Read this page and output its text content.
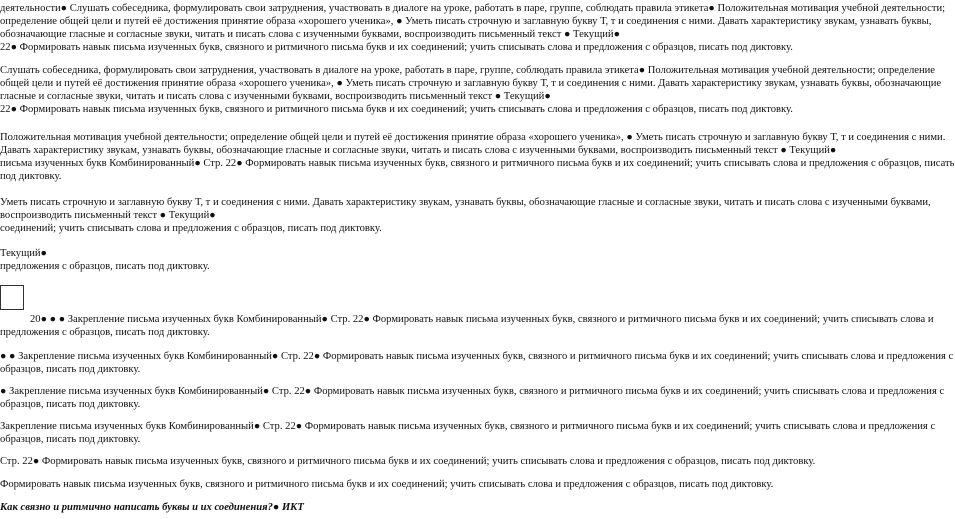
деятельности● Слушать собеседника, формулировать свои затруднения, участвовать в диалоге на уроке, работать в паре, группе, соблюдать правила этикета● Положительная мотивация учебной деятельности;
определение общей цели и путей её достижения принятие образа «хорошего ученика», ● Уметь писать строчную и заглавную букву Т, т и соединения с ними. Давать характеристику звукам, узнавать буквы,
обозначающие гласные и согласные звуки, читать и писать слова с изученными буквами, воспроизводить письменный текст ● Текущий●
22● Формировать навык письма изученных букв, связного и ритмичного письма букв и их соединений; учить списывать слова и предложения с образцов, писать под диктовку.
Слушать собеседника, формулировать свои затруднения, участвовать в диалоге на уроке, работать в паре, группе, соблюдать правила этикета● Положительная мотивация учебной деятельности; определение
общей цели и путей её достижения принятие образа «хорошего ученика», ● Уметь писать строчную и заглавную букву Т, т и соединения с ними. Давать характеристику звукам, узнавать буквы, обозначающие
гласные и согласные звуки, читать и писать слова с изученными буквами, воспроизводить письменный текст ● Текущий●
22● Формировать навык письма изученных букв, связного и ритмичного письма букв и их соединений; учить списывать слова и предложения с образцов, писать под диктовку.
Положительная мотивация учебной деятельности; определение общей цели и путей её достижения принятие образа «хорошего ученика», ● Уметь писать строчную и заглавную букву Т, т и соединения с ними.
Давать характеристику звукам, узнавать буквы, обозначающие гласные и согласные звуки, читать и писать слова с изученными буквами, воспроизводить письменный текст ● Текущий●
письма изученных букв Комбинированный● Стр. 22● Формировать навык письма изученных букв, связного и ритмичного письма букв и их соединений; учить списывать слова и предложения с образцов, писать
под диктовку.
Уметь писать строчную и заглавную букву Т, т и соединения с ними. Давать характеристику звукам, узнавать буквы, обозначающие гласные и согласные звуки, читать и писать слова с изученными буквами,
воспроизводить письменный текст ● Текущий●
соединений; учить списывать слова и предложения с образцов, писать под диктовку.
Текущий●
предложения с образцов, писать под диктовку.
20● ● ● Закрепление письма изученных букв Комбинированный● Стр. 22● Формировать навык письма изученных букв, связного и ритмичного письма букв и их соединений; учить списывать слова и
предложения с образцов, писать под диктовку.
● ● Закрепление письма изученных букв Комбинированный● Стр. 22● Формировать навык письма изученных букв, связного и ритмичного письма букв и их соединений; учить списывать слова и предложения с
образцов, писать под диктовку.
● Закрепление письма изученных букв Комбинированный● Стр. 22● Формировать навык письма изученных букв, связного и ритмичного письма букв и их соединений; учить списывать слова и предложения с
образцов, писать под диктовку.
Закрепление письма изученных букв Комбинированный● Стр. 22● Формировать навык письма изученных букв, связного и ритмичного письма букв и их соединений; учить списывать слова и предложения с
образцов, писать под диктовку.
Стр. 22● Формировать навык письма изученных букв, связного и ритмичного письма букв и их соединений; учить списывать слова и предложения с образцов, писать под диктовку.
Формировать навык письма изученных букв, связного и ритмичного письма букв и их соединений; учить списывать слова и предложения с образцов, писать под диктовку.
Как связно и ритмично написать буквы и их соединения?● ИКТ
